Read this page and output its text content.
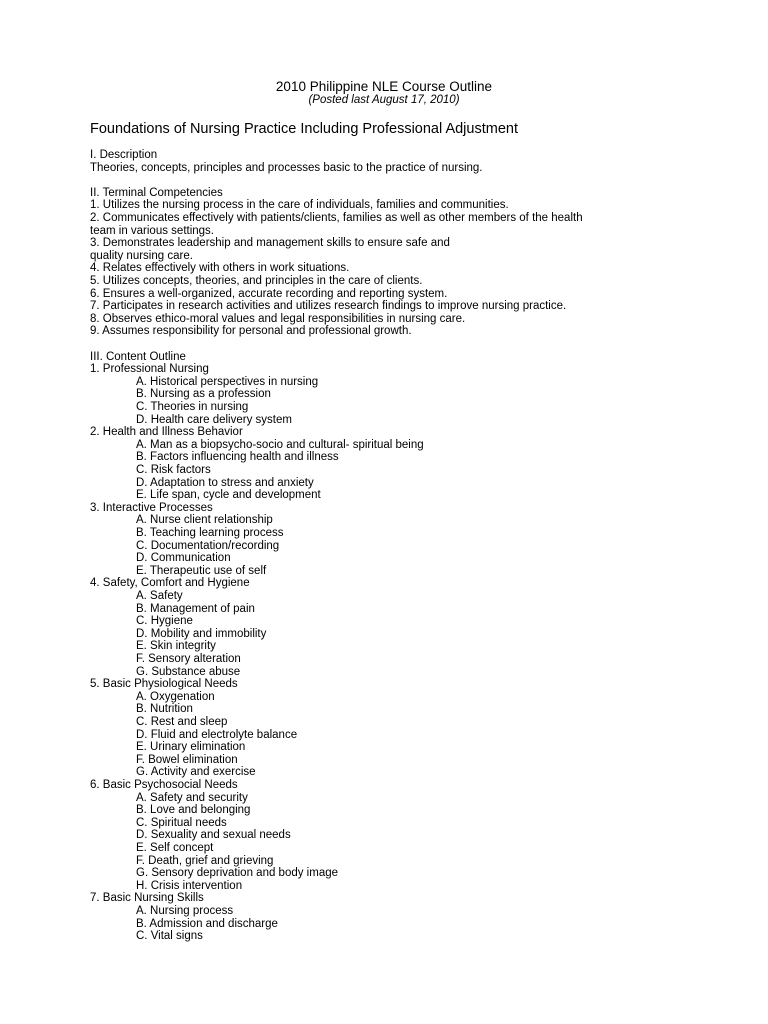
2010 Philippine NLE Course Outline
(Posted last August 17, 2010)
Foundations of Nursing Practice Including Professional Adjustment
I. Description
Theories, concepts, principles and processes basic to the practice of nursing.
II. Terminal Competencies
1. Utilizes the nursing process in the care of individuals, families and communities.
2. Communicates effectively with patients/clients, families as well as other members of the health
team in various settings.
3. Demonstrates leadership and management skills to ensure safe and
quality nursing care.
4. Relates effectively with others in work situations.
5. Utilizes concepts, theories, and principles in the care of clients.
6. Ensures a well-organized, accurate recording and reporting system.
7. Participates in research activities and utilizes research findings to improve nursing practice.
8. Observes ethico-moral values and legal responsibilities in nursing care.
9. Assumes responsibility for personal and professional growth.
III. Content Outline
1. Professional Nursing
A. Historical perspectives in nursing
B. Nursing as a profession
C. Theories in nursing
D. Health care delivery system
2. Health and Illness Behavior
A. Man as a biopsycho-socio and cultural- spiritual being
B. Factors influencing health and illness
C. Risk factors
D. Adaptation to stress and anxiety
E. Life span, cycle and development
3. Interactive Processes
A. Nurse client relationship
B. Teaching learning process
C. Documentation/recording
D. Communication
E. Therapeutic use of self
4. Safety, Comfort and Hygiene
A. Safety
B. Management of pain
C. Hygiene
D. Mobility and immobility
E. Skin integrity
F. Sensory alteration
G. Substance abuse
5. Basic Physiological Needs
A. Oxygenation
B. Nutrition
C. Rest and sleep
D. Fluid and electrolyte balance
E. Urinary elimination
F. Bowel elimination
G. Activity and exercise
6. Basic Psychosocial Needs
A. Safety and security
B. Love and belonging
C. Spiritual needs
D. Sexuality and sexual needs
E. Self concept
F. Death, grief and grieving
G. Sensory deprivation and body image
H. Crisis intervention
7. Basic Nursing Skills
A. Nursing process
B. Admission and discharge
C. Vital signs
